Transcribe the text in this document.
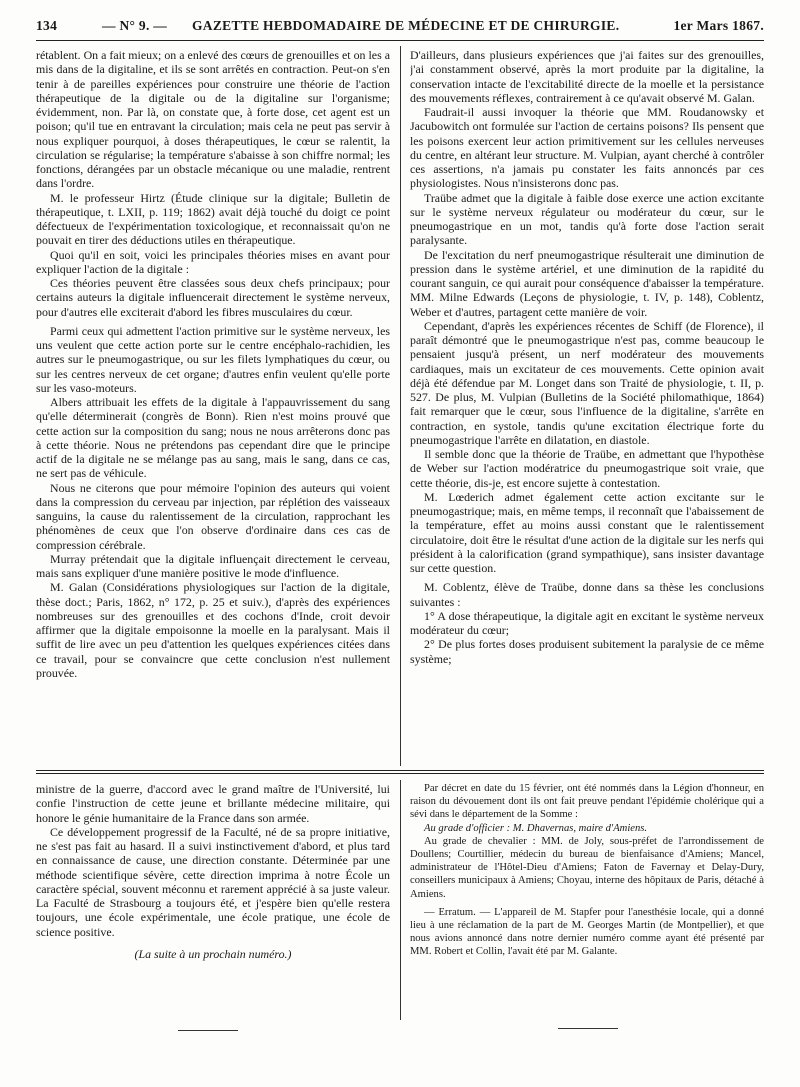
134	— N° 9. — GAZETTE HEBDOMADAIRE DE MÉDECINE ET DE CHIRURGIE.	1er Mars 1867.

rétablent. On a fait mieux; on a enlevé des cœurs de grenouilles et on les a mis dans de la digitaline, et ils se sont arrêtés en contraction. Peut-on s'en tenir à de pareilles expériences pour construire une théorie de l'action thérapeutique de la digitale ou de la digitaline sur l'organisme; évidemment, non. Par là, on constate que, à forte dose, cet agent est un poison; qu'il tue en entravant la circulation; mais cela ne peut pas servir à nous expliquer pourquoi, à doses thérapeutiques, le cœur se ralentit, la circulation se régularise; la température s'abaisse à son chiffre normal; les fonctions, dérangées par un obstacle mécanique ou une maladie, rentrent dans l'ordre.

M. le professeur Hirtz (Étude clinique sur la digitale; Bulletin de thérapeutique, t. LXII, p. 119; 1862) avait déjà touché du doigt ce point défectueux de l'expérimentation toxicologique, et reconnaissait qu'on ne pouvait en tirer des déductions utiles en thérapeutique.

Quoi qu'il en soit, voici les principales théories mises en avant pour expliquer l'action de la digitale :

Ces théories peuvent être classées sous deux chefs principaux; pour certains auteurs la digitale influencerait directement le système nerveux, pour d'autres elle exciterait d'abord les fibres musculaires du cœur.

Parmi ceux qui admettent l'action primitive sur le système nerveux, les uns veulent que cette action porte sur le centre encéphalo-rachidien, les autres sur le pneumogastrique, ou sur les filets lymphatiques du cœur, ou sur les centres nerveux de cet organe; d'autres enfin veulent qu'elle porte sur les vaso-moteurs.

Albers attribuait les effets de la digitale à l'appauvrissement du sang qu'elle déterminerait (congrès de Bonn). Rien n'est moins prouvé que cette action sur la composition du sang; nous ne nous arrêterons donc pas à cette théorie. Nous ne prétendons pas cependant dire que le principe actif de la digitale ne se mélange pas au sang, mais le sang, dans ce cas, ne sert pas de véhicule.

Nous ne citerons que pour mémoire l'opinion des auteurs qui voient dans la compression du cerveau par injection, par réplétion des vaisseaux sanguins, la cause du ralentissement de la circulation, rapprochant les phénomènes de ceux que l'on observe d'ordinaire dans ces cas de compression cérébrale.

Murray prétendait que la digitale influençait directement le cerveau, mais sans expliquer d'une manière positive le mode d'influence.

M. Galan (Considérations physiologiques sur l'action de la digitale, thèse doct.; Paris, 1862, n° 172, p. 25 et suiv.), d'après des expériences nombreuses sur des grenouilles et des cochons d'Inde, croit devoir affirmer que la digitale empoisonne la moelle en la paralysant. Mais il suffit de lire avec un peu d'attention les quelques expériences citées dans ce travail, pour se convaincre que cette conclusion n'est nullement prouvée.

D'ailleurs, dans plusieurs expériences que j'ai faites sur des grenouilles, j'ai constamment observé, après la mort produite par la digitaline, la conservation intacte de l'excitabilité directe de la moelle et la persistance des mouvements réflexes, contrairement à ce qu'avait observé M. Galan.

Faudrait-il aussi invoquer la théorie que MM. Roudanowsky et Jacubowitch ont formulée sur l'action de certains poisons? Ils pensent que les poisons exercent leur action primitivement sur les cellules nerveuses du centre, en altérant leur structure. M. Vulpian, ayant cherché à contrôler ces assertions, n'a jamais pu constater les faits annoncés par ces physiologistes. Nous n'insisterons donc pas.

Traübe admet que la digitale à faible dose exerce une action excitante sur le système nerveux régulateur ou modérateur du cœur, sur le pneumogastrique en un mot, tandis qu'à forte dose l'action serait paralysante.

De l'excitation du nerf pneumogastrique résulterait une diminution de pression dans le système artériel, et une diminution de la rapidité du courant sanguin, ce qui aurait pour conséquence d'abaisser la température. MM. Milne Edwards (Leçons de physiologie, t. IV, p. 148), Coblentz, Weber et d'autres, partagent cette manière de voir.

Cependant, d'après les expériences récentes de Schiff (de Florence), il paraît démontré que le pneumogastrique n'est pas, comme beaucoup le pensaient jusqu'à présent, un nerf modérateur des mouvements cardiaques, mais un excitateur de ces mouvements. Cette opinion avait déjà été défendue par M. Longet dans son Traité de physiologie, t. II, p. 527. De plus, M. Vulpian (Bulletins de la Société philomathique, 1864) fait remarquer que le cœur, sous l'influence de la digitaline, s'arrête en contraction, en systole, tandis qu'une excitation électrique forte du pneumogastrique l'arrête en dilatation, en diastole.

Il semble donc que la théorie de Traübe, en admettant que l'hypothèse de Weber sur l'action modératrice du pneumogastrique soit vraie, que cette théorie, dis-je, est encore sujette à contestation.

M. Lœderich admet également cette action excitante sur le pneumogastrique; mais, en même temps, il reconnaît que l'abaissement de la température, effet au moins aussi constant que le ralentissement circulatoire, doit être le résultat d'une action de la digitale sur les nerfs qui président à la calorification (grand sympathique), sans insister davantage sur cette question.

M. Coblentz, élève de Traübe, donne dans sa thèse les conclusions suivantes :

1° A dose thérapeutique, la digitale agit en excitant le système nerveux modérateur du cœur;

2° De plus fortes doses produisent subitement la paralysie de ce même système;

ministre de la guerre, d'accord avec le grand maître de l'Université, lui confie l'instruction de cette jeune et brillante médecine militaire, qui honore le génie humanitaire de la France dans son armée.

Ce développement progressif de la Faculté, né de sa propre initiative, ne s'est pas fait au hasard. Il a suivi instinctivement d'abord, et plus tard en connaissance de cause, une direction constante. Déterminée par une méthode scientifique sévère, cette direction imprima à notre École un caractère spécial, souvent méconnu et rarement apprécié à sa juste valeur. La Faculté de Strasbourg a toujours été, et j'espère bien qu'elle restera toujours, une école expérimentale, une école pratique, une école de science positive.

(La suite à un prochain numéro.)

Par décret en date du 15 février, ont été nommés dans la Légion d'honneur, en raison du dévouement dont ils ont fait preuve pendant l'épidémie cholérique qui a sévi dans le département de la Somme :

Au grade d'officier : M. Dhavernas, maire d'Amiens.

Au grade de chevalier : MM. de Joly, sous-préfet de l'arrondissement de Doullens; Courtillier, médecin du bureau de bienfaisance d'Amiens; Mancel, administrateur de l'Hôtel-Dieu d'Amiens; Faton de Favernay et Delay-Dury, conseillers municipaux à Amiens; Choyau, interne des hôpitaux de Paris, détaché à Amiens.

— Erratum. — L'appareil de M. Stapfer pour l'anesthésie locale, qui a donné lieu à une réclamation de la part de M. Georges Martin (de Montpellier), et que nous avions annoncé dans notre dernier numéro comme ayant été présenté par MM. Robert et Collin, l'avait été par M. Galante.
